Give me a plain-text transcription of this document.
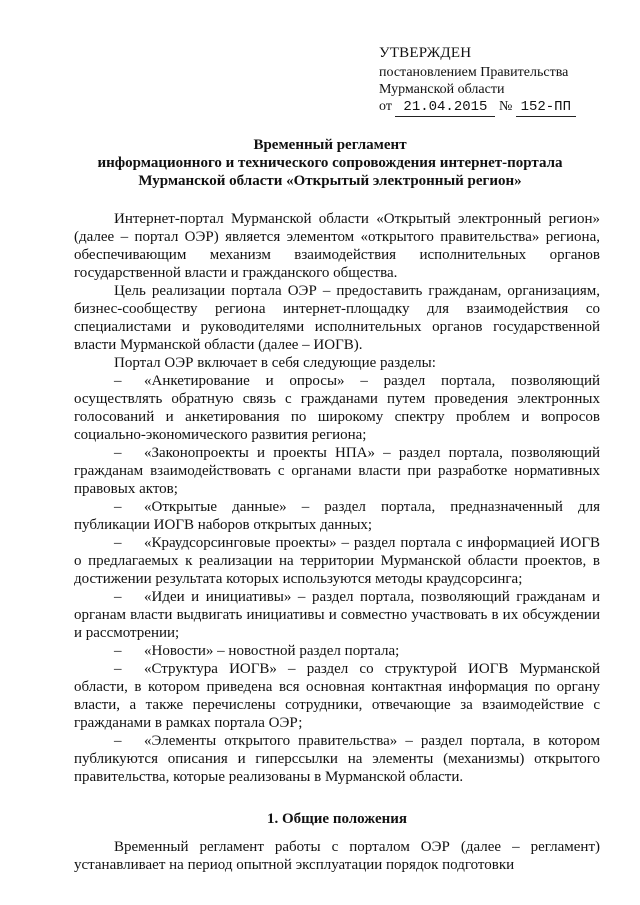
УТВЕРЖДЕН
постановлением Правительства
Мурманской области
от 21.04.2015 № 152-ПП
Временный регламент
информационного и технического сопровождения интернет-портала
Мурманской области «Открытый электронный регион»

Интернет-портал Мурманской области «Открытый электронный регион» (далее – портал ОЭР) является элементом «открытого правительства» региона, обеспечивающим механизм взаимодействия исполнительных органов государственной власти и гражданского общества.

Цель реализации портала ОЭР – предоставить гражданам, организациям, бизнес-сообществу региона интернет-площадку для взаимодействия со специалистами и руководителями исполнительных органов государственной власти Мурманской области (далее – ИОГВ).

Портал ОЭР включает в себя следующие разделы:

– «Анкетирование и опросы» – раздел портала, позволяющий осуществлять обратную связь с гражданами путем проведения электронных голосований и анкетирования по широкому спектру проблем и вопросов социально-экономического развития региона;

– «Законопроекты и проекты НПА» – раздел портала, позволяющий гражданам взаимодействовать с органами власти при разработке нормативных правовых актов;

– «Открытые данные» – раздел портала, предназначенный для публикации ИОГВ наборов открытых данных;

– «Краудсорсинговые проекты» – раздел портала с информацией ИОГВ о предлагаемых к реализации на территории Мурманской области проектов, в достижении результата которых используются методы краудсорсинга;

– «Идеи и инициативы» – раздел портала, позволяющий гражданам и органам власти выдвигать инициативы и совместно участвовать в их обсуждении и рассмотрении;

– «Новости» – новостной раздел портала;

– «Структура ИОГВ» – раздел со структурой ИОГВ Мурманской области, в котором приведена вся основная контактная информация по органу власти, а также перечислены сотрудники, отвечающие за взаимодействие с гражданами в рамках портала ОЭР;

– «Элементы открытого правительства» – раздел портала, в котором публикуются описания и гиперссылки на элементы (механизмы) открытого правительства, которые реализованы в Мурманской области.

1. Общие положения

Временный регламент работы с порталом ОЭР (далее – регламент) устанавливает на период опытной эксплуатации порядок подготовки
